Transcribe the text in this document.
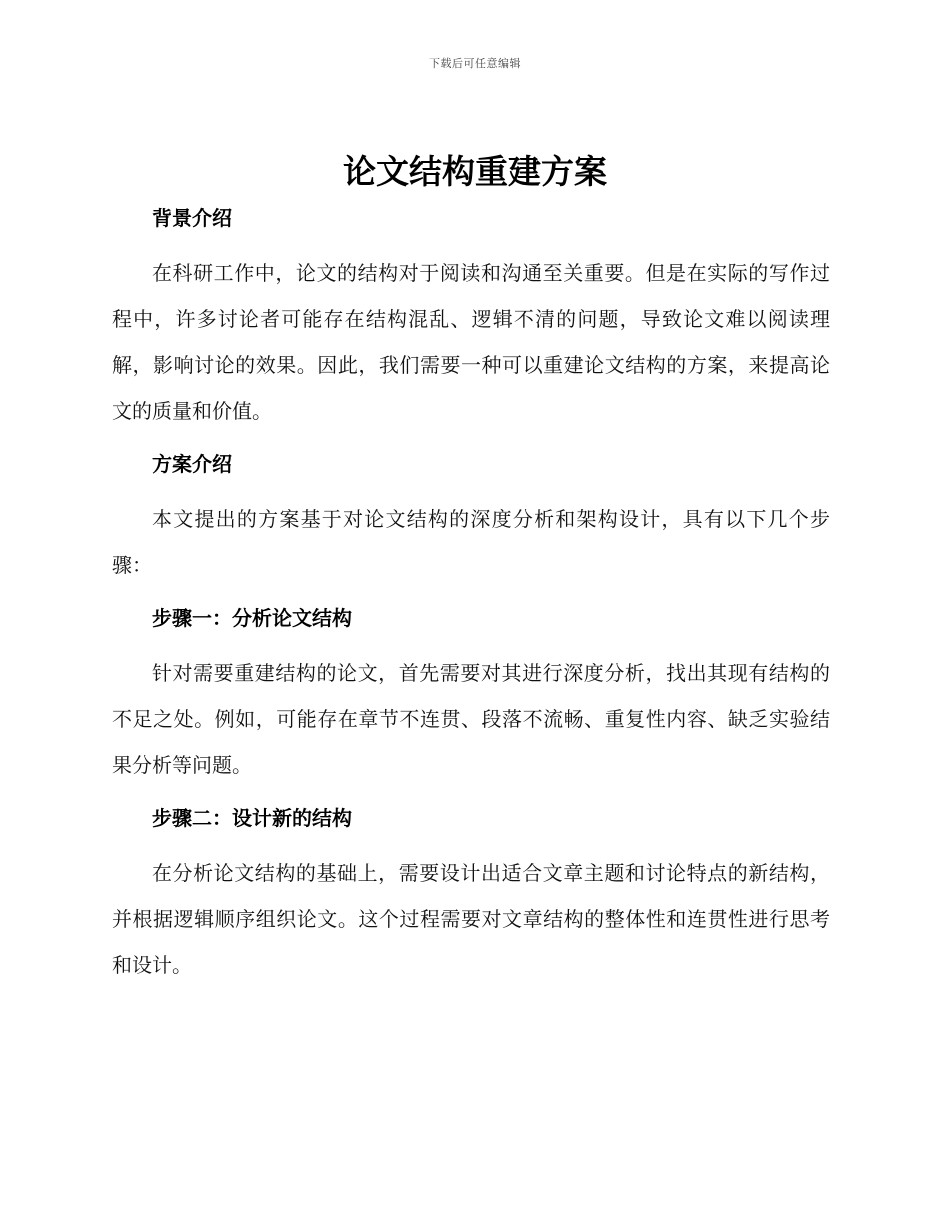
下载后可任意编辑
论文结构重建方案
背景介绍

在科研工作中，论文的结构对于阅读和沟通至关重要。但是在实际的写作过程中，许多讨论者可能存在结构混乱、逻辑不清的问题，导致论文难以阅读理解，影响讨论的效果。因此，我们需要一种可以重建论文结构的方案，来提高论文的质量和价值。

方案介绍

本文提出的方案基于对论文结构的深度分析和架构设计，具有以下几个步骤：

步骤一：分析论文结构

针对需要重建结构的论文，首先需要对其进行深度分析，找出其现有结构的不足之处。例如，可能存在章节不连贯、段落不流畅、重复性内容、缺乏实验结果分析等问题。

步骤二：设计新的结构

在分析论文结构的基础上，需要设计出适合文章主题和讨论特点的新结构，并根据逻辑顺序组织论文。这个过程需要对文章结构的整体性和连贯性进行思考和设计。
